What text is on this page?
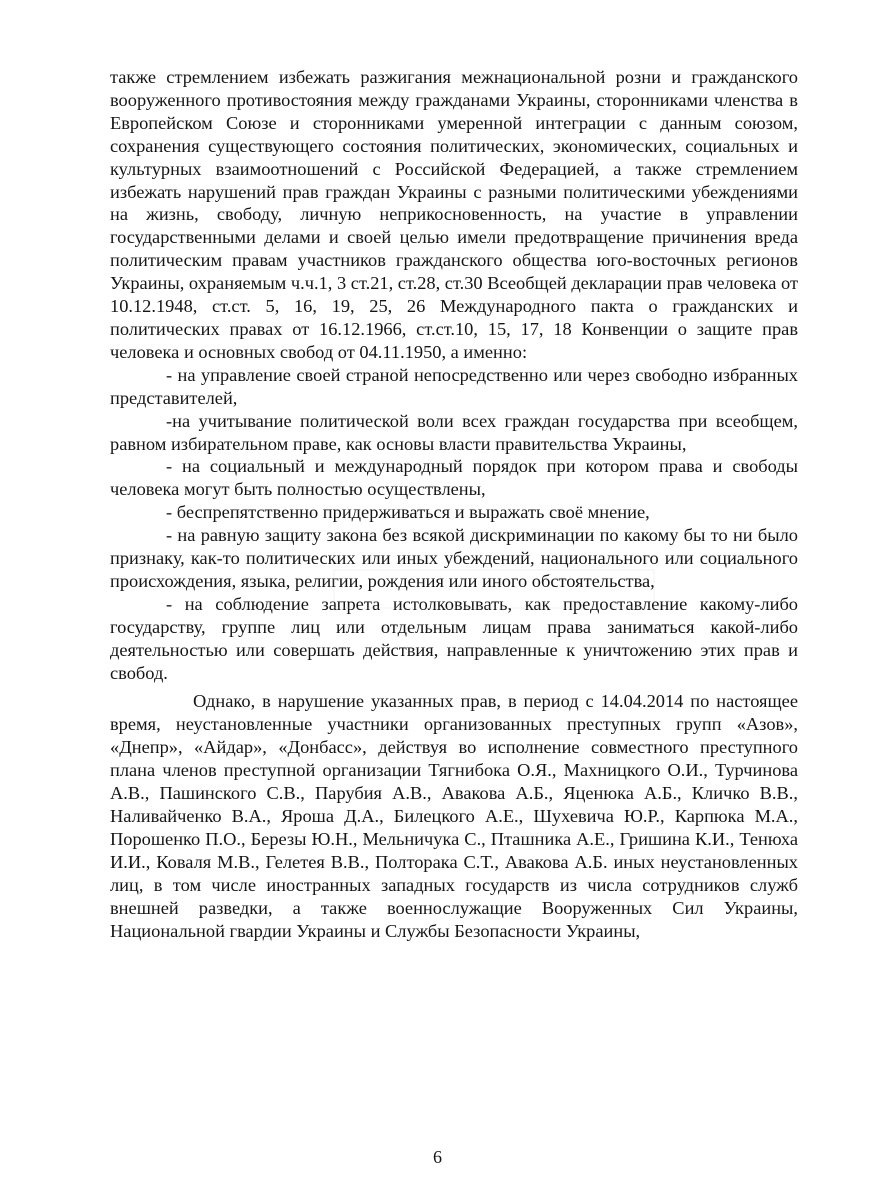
также стремлением избежать разжигания межнациональной розни и гражданского вооруженного противостояния между гражданами Украины, сторонниками членства в Европейском Союзе и сторонниками умеренной интеграции с данным союзом, сохранения существующего состояния политических, экономических, социальных и культурных взаимоотношений с Российской Федерацией, а также стремлением избежать нарушений прав граждан Украины с разными политическими убеждениями на жизнь, свободу, личную неприкосновенность, на участие в управлении государственными делами и своей целью имели предотвращение причинения вреда политическим правам участников гражданского общества юго-восточных регионов Украины, охраняемым ч.ч.1, 3 ст.21, ст.28, ст.30 Всеобщей декларации прав человека от 10.12.1948, ст.ст. 5, 16, 19, 25, 26 Международного пакта о гражданских и политических правах от 16.12.1966, ст.ст.10, 15, 17, 18 Конвенции о защите прав человека и основных свобод от 04.11.1950, а именно:

- на управление своей страной непосредственно или через свободно избранных представителей,

-на учитывание политической воли всех граждан государства при всеобщем, равном избирательном праве, как основы власти правительства Украины,

- на социальный и международный порядок при котором права и свободы человека могут быть полностью осуществлены,

- беспрепятственно придерживаться и выражать своё мнение,

- на равную защиту закона без всякой дискриминации по какому бы то ни было признаку, как-то политических или иных убеждений, национального или социального происхождения, языка, религии, рождения или иного обстоятельства,

- на соблюдение запрета истолковывать, как предоставление какому-либо государству, группе лиц или отдельным лицам права заниматься какой-либо деятельностью или совершать действия, направленные к уничтожению этих прав и свобод.

Однако, в нарушение указанных прав, в период с 14.04.2014 по настоящее время, неустановленные участники организованных преступных групп «Азов», «Днепр», «Айдар», «Донбасс», действуя во исполнение совместного преступного плана членов преступной организации Тягнибока О.Я., Махницкого О.И., Турчинова А.В., Пашинского С.В., Парубия А.В., Авакова А.Б., Яценюка А.Б., Кличко В.В., Наливайченко В.А., Яроша Д.А., Билецкого А.Е., Шухевича Ю.Р., Карпюка М.А., Порошенко П.О., Березы Ю.Н., Мельничука С., Пташника А.Е., Гришина К.И., Тенюха И.И., Коваля М.В., Гелетея В.В., Полторака С.Т., Авакова А.Б. иных неустановленных лиц, в том числе иностранных западных государств из числа сотрудников служб внешней разведки, а также военнослужащие Вооруженных Сил Украины, Национальной гвардии Украины и Службы Безопасности Украины,

6
